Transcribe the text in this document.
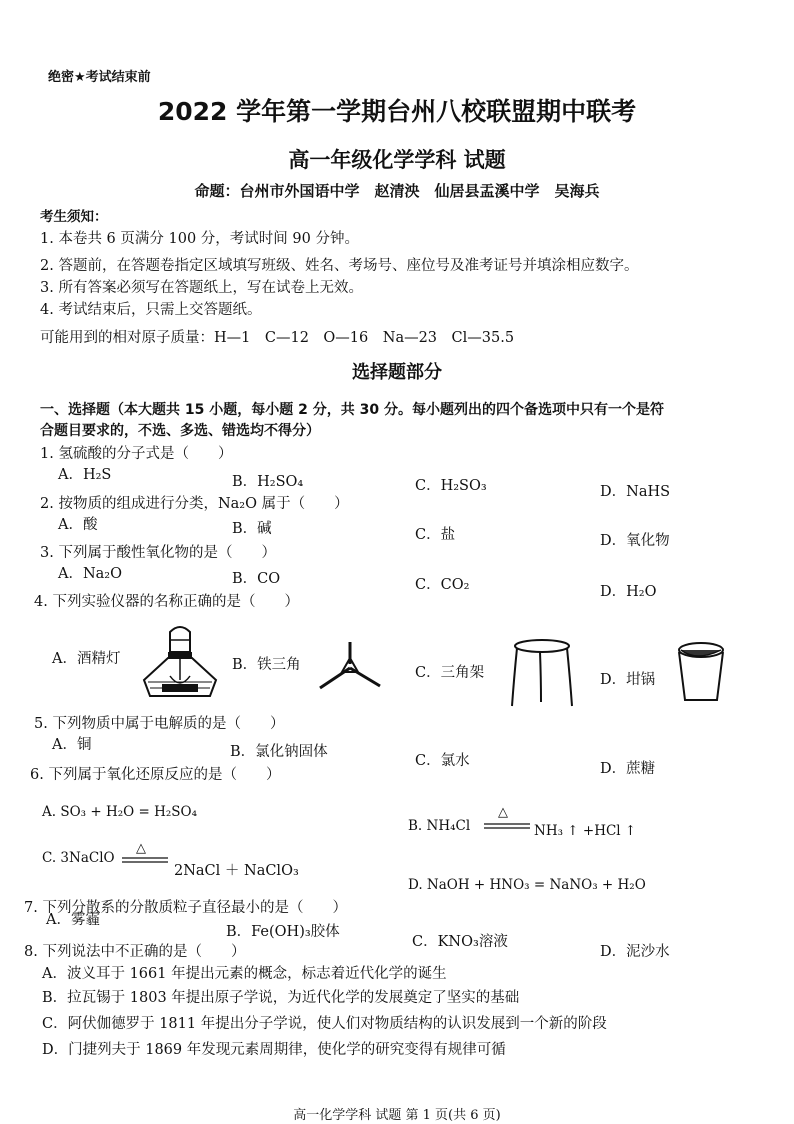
绝密★考试结束前
2022 学年第一学期台州八校联盟期中联考
高一年级化学学科 试题
命题：台州市外国语中学　赵清泱　仙居县盂溪中学　吴海兵
考生须知：
1. 本卷共 6 页满分 100 分，考试时间 90 分钟。
2. 答题前，在答题卷指定区域填写班级、姓名、考场号、座位号及准考证号并填涂相应数字。
3. 所有答案必须写在答题纸上，写在试卷上无效。
4. 考试结束后，只需上交答题纸。
可能用到的相对原子质量：H—1　C—12　O—16　Na—23　Cl—35.5
选择题部分
一、选择题（本大题共 15 小题，每小题 2 分，共 30 分。每小题列出的四个备选项中只有一个是符
合题目要求的，不选、多选、错选均不得分）
1. 氢硫酸的分子式是（　　）
A．H₂S	B．H₂SO₄	C．H₂SO₃	D．NaHS
2. 按物质的组成进行分类，Na₂O 属于（　　）
A．酸	B．碱	C．盐	D．氧化物
3. 下列属于酸性氧化物的是（　　）
A．Na₂O	B．CO	C．CO₂	D．H₂O
4. 下列实验仪器的名称正确的是（　　）
A．酒精灯	B．铁三角	C．三角架	D．坩锅
5. 下列物质中属于电解质的是（　　）
A．铜	B．氯化钠固体
C．氯水	D．蔗糖
6. 下列属于氧化还原反应的是（　　）
A. SO₃ + H₂O = H₂SO₄
B. NH₄Cl
△
NH₃ ↑ +HCl ↑
C. 3NaClO
△
2NaCl ＋ NaClO₃
D. NaOH + HNO₃ = NaNO₃ + H₂O
7. 下列分散系的分散质粒子直径最小的是（　　）
A．雾霾
B．Fe(OH)₃胶体
C．KNO₃溶液
D．泥沙水
8. 下列说法中不正确的是（　　）
A．波义耳于 1661 年提出元素的概念，标志着近代化学的诞生
B．拉瓦锡于 1803 年提出原子学说，为近代化学的发展奠定了坚实的基础
C．阿伏伽德罗于 1811 年提出分子学说，使人们对物质结构的认识发展到一个新的阶段
D．门捷列夫于 1869 年发现元素周期律，使化学的研究变得有规律可循
高一化学学科 试题 第 1 页(共 6 页)
